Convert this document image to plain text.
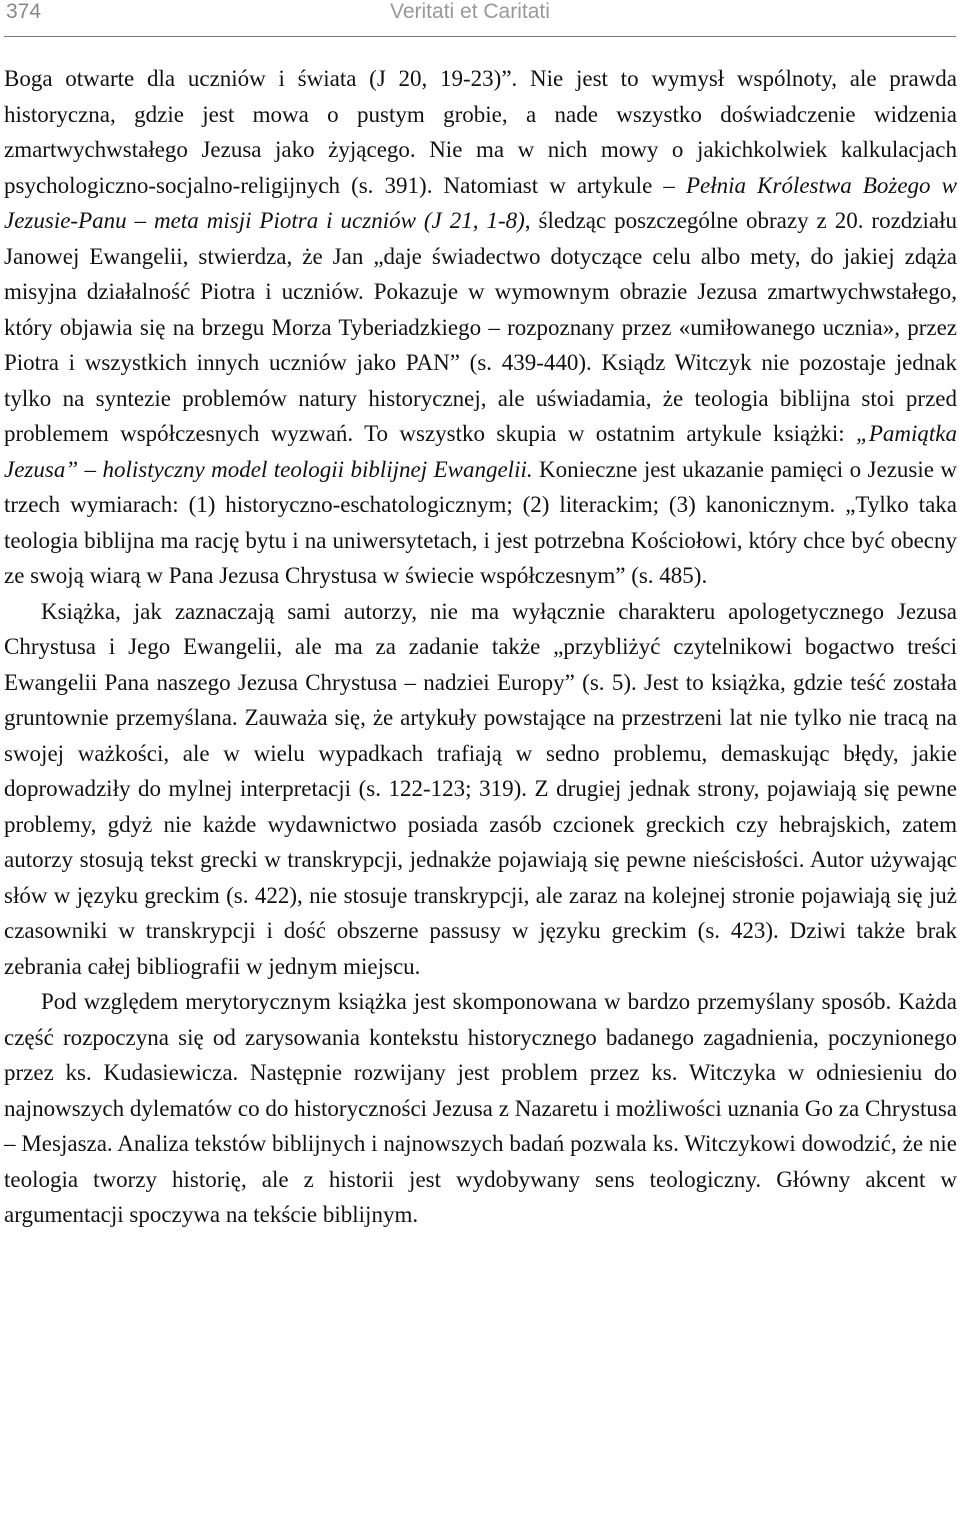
374	Veritati et Caritati

Boga otwarte dla uczniów i świata (J 20, 19-23)”. Nie jest to wymysł wspólnoty, ale prawda historyczna, gdzie jest mowa o pustym grobie, a nade wszystko doświadczenie widzenia zmartwychwstałego Jezusa jako żyjącego. Nie ma w nich mowy o jakichkolwiek kalkulacjach psychologiczno-socjalno-religijnych (s. 391). Natomiast w artykule – Pełnia Królestwa Bożego w Jezusie-Panu – meta misji Piotra i uczniów (J 21, 1-8), śledząc poszczególne obrazy z 20. rozdziału Janowej Ewangelii, stwierdza, że Jan „daje świadectwo dotyczące celu albo mety, do jakiej zdąża misyjna działalność Piotra i uczniów. Pokazuje w wymownym obrazie Jezusa zmartwychwstałego, który objawia się na brzegu Morza Tyberiadzkiego – rozpoznany przez «umiłowanego ucznia», przez Piotra i wszystkich innych uczniów jako PAN” (s. 439-440). Ksiądz Witczyk nie pozostaje jednak tylko na syntezie problemów natury historycznej, ale uświadamia, że teologia biblijna stoi przed problemem współczesnych wyzwań. To wszystko skupia w ostatnim artykule książki: „Pamiątka Jezusa” – holistyczny model teologii biblijnej Ewangelii. Konieczne jest ukazanie pamięci o Jezusie w trzech wymiarach: (1) historyczno-eschatologicznym; (2) literackim; (3) kanonicznym. „Tylko taka teologia biblijna ma rację bytu i na uniwersytetach, i jest potrzebna Kościołowi, który chce być obecny ze swoją wiarą w Pana Jezusa Chrystusa w świecie współczesnym” (s. 485).

Książka, jak zaznaczają sami autorzy, nie ma wyłącznie charakteru apologetycznego Jezusa Chrystusa i Jego Ewangelii, ale ma za zadanie także „przybliżyć czytelnikowi bogactwo treści Ewangelii Pana naszego Jezusa Chrystusa – nadziei Europy” (s. 5). Jest to książka, gdzie teść została gruntownie przemyślana. Zauważa się, że artykuły powstające na przestrzeni lat nie tylko nie tracą na swojej ważkości, ale w wielu wypadkach trafiają w sedno problemu, demaskując błędy, jakie doprowadziły do mylnej interpretacji (s. 122-123; 319). Z drugiej jednak strony, pojawiają się pewne problemy, gdyż nie każde wydawnictwo posiada zasób czcionek greckich czy hebrajskich, zatem autorzy stosują tekst grecki w transkrypcji, jednakże pojawiają się pewne nieścisłości. Autor używając słów w języku greckim (s. 422), nie stosuje transkrypcji, ale zaraz na kolejnej stronie pojawiają się już czasowniki w transkrypcji i dość obszerne passusy w języku greckim (s. 423). Dziwi także brak zebrania całej bibliografii w jednym miejscu.

Pod względem merytorycznym książka jest skomponowana w bardzo przemyślany sposób. Każda część rozpoczyna się od zarysowania kontekstu historycznego badanego zagadnienia, poczynionego przez ks. Kudasiewicza. Następnie rozwijany jest problem przez ks. Witczyka w odniesieniu do najnowszych dylematów co do historyczności Jezusa z Nazaretu i możliwości uznania Go za Chrystusa – Mesjasza. Analiza tekstów biblijnych i najnowszych badań pozwala ks. Witczykowi dowodzić, że nie teologia tworzy historię, ale z historii jest wydobywany sens teologiczny. Główny akcent w argumentacji spoczywa na tekście biblijnym.
